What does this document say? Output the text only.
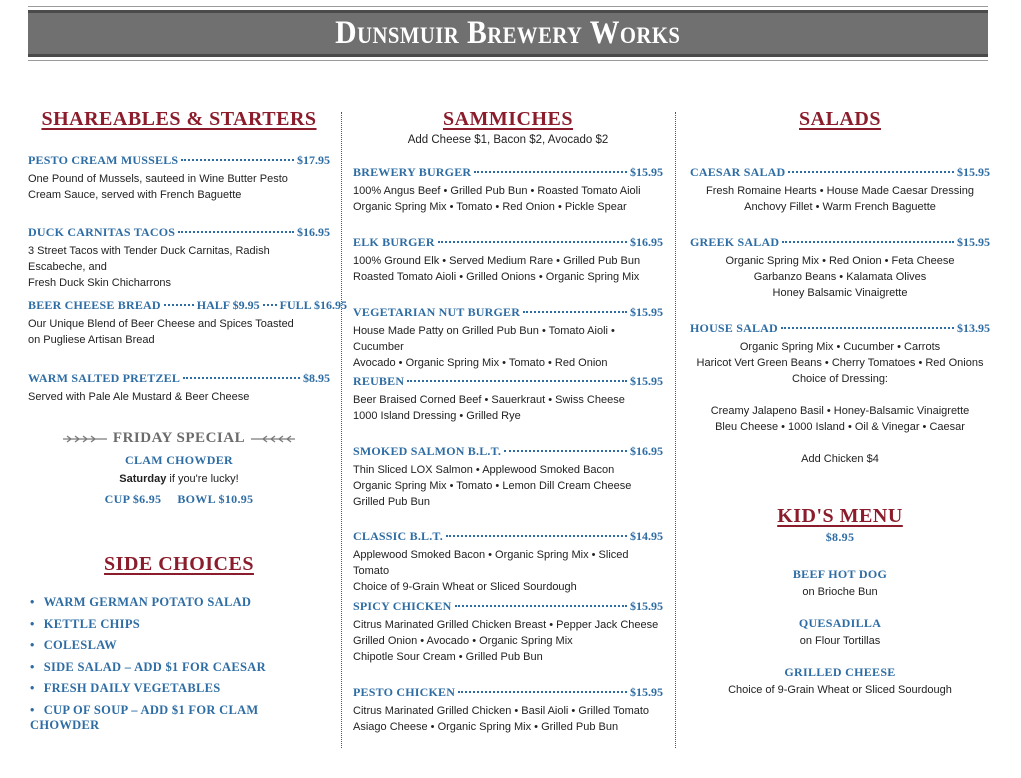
Dunsmuir Brewery Works
SHAREABLES & STARTERS
PESTO CREAM MUSSELS	$17.95
One Pound of Mussels, sauteed in Wine Butter Pesto
Cream Sauce, served with French Baguette
DUCK CARNITAS TACOS	$16.95
3 Street Tacos with Tender Duck Carnitas, Radish Escabeche, and
Fresh Duck Skin Chicharrons
BEER CHEESE BREAD	HALF $9.95 FULL $16.95
Our Unique Blend of Beer Cheese and Spices Toasted
on Pugliese Artisan Bread
WARM SALTED PRETZEL	$8.95
Served with Pale Ale Mustard & Beer Cheese
FRIDAY SPECIAL
CLAM CHOWDER
Saturday if you're lucky!
CUP $6.95 BOWL $10.95
SIDE CHOICES
• WARM GERMAN POTATO SALAD
• KETTLE CHIPS
• COLESLAW
• SIDE SALAD – ADD $1 FOR CAESAR
• FRESH DAILY VEGETABLES
• CUP OF SOUP – ADD $1 FOR CLAM CHOWDER
SAMMICHES
Add Cheese $1, Bacon $2, Avocado $2
BREWERY BURGER	$15.95
100% Angus Beef • Grilled Pub Bun • Roasted Tomato Aioli
Organic Spring Mix • Tomato • Red Onion • Pickle Spear
ELK BURGER	$16.95
100% Ground Elk • Served Medium Rare • Grilled Pub Bun
Roasted Tomato Aioli • Grilled Onions • Organic Spring Mix
VEGETARIAN NUT BURGER	$15.95
House Made Patty on Grilled Pub Bun • Tomato Aioli • Cucumber
Avocado • Organic Spring Mix • Tomato • Red Onion
REUBEN	$15.95
Beer Braised Corned Beef • Sauerkraut • Swiss Cheese
1000 Island Dressing • Grilled Rye
SMOKED SALMON B.L.T.	$16.95
Thin Sliced LOX Salmon • Applewood Smoked Bacon
Organic Spring Mix • Tomato • Lemon Dill Cream Cheese
Grilled Pub Bun
CLASSIC B.L.T.	$14.95
Applewood Smoked Bacon • Organic Spring Mix • Sliced Tomato
Choice of 9-Grain Wheat or Sliced Sourdough
SPICY CHICKEN	$15.95
Citrus Marinated Grilled Chicken Breast • Pepper Jack Cheese
Grilled Onion • Avocado • Organic Spring Mix
Chipotle Sour Cream • Grilled Pub Bun
PESTO CHICKEN	$15.95
Citrus Marinated Grilled Chicken • Basil Aioli • Grilled Tomato
Asiago Cheese • Organic Spring Mix • Grilled Pub Bun
SALADS
CAESAR SALAD	$15.95
Fresh Romaine Hearts • House Made Caesar Dressing
Anchovy Fillet • Warm French Baguette
GREEK SALAD	$15.95
Organic Spring Mix • Red Onion • Feta Cheese
Garbanzo Beans • Kalamata Olives
Honey Balsamic Vinaigrette
HOUSE SALAD	$13.95
Organic Spring Mix • Cucumber • Carrots
Haricot Vert Green Beans • Cherry Tomatoes • Red Onions
Choice of Dressing:
Creamy Jalapeno Basil • Honey-Balsamic Vinaigrette
Bleu Cheese • 1000 Island • Oil & Vinegar • Caesar
Add Chicken $4
KID'S MENU
$8.95
BEEF HOT DOG
on Brioche Bun
QUESADILLA
on Flour Tortillas
GRILLED CHEESE
Choice of 9-Grain Wheat or Sliced Sourdough
